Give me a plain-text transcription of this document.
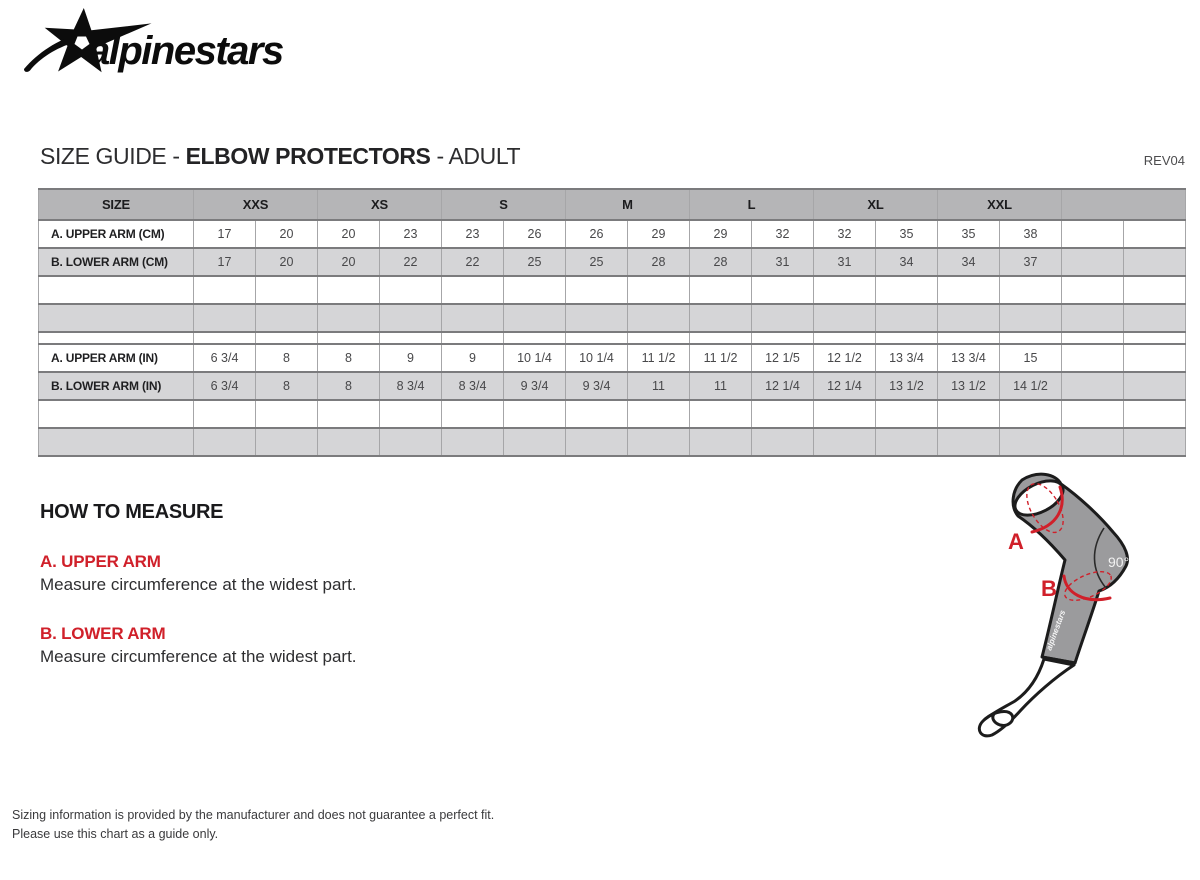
alpinestars
SIZE GUIDE - ELBOW PROTECTORS - ADULT	REV04
SIZE	XXS		XS		S		M		L		XL		XXL			
A. UPPER ARM (CM)	17	20	20	23	23	26	26	29	29	32	32	35	35	38		
B. LOWER ARM (CM)	17	20	20	22	22	25	25	28	28	31	31	34	34	37		

A. UPPER ARM (IN)	6 3/4	8	8	9	9	10 1/4	10 1/4	11 1/2	11 1/2	12 1/5	12 1/2	13 3/4	13 3/4	15		
B. LOWER ARM (IN)	6 3/4	8	8	8 3/4	8 3/4	9 3/4	9 3/4	11	11	12 1/4	12 1/4	13 1/2	13 1/2	14 1/2		

HOW TO MEASURE
A. UPPER ARM
Measure circumference at the widest part.
B. LOWER ARM
Measure circumference at the widest part.
90°
A
B
alpinestars
Sizing information is provided by the manufacturer and does not guarantee a perfect fit.
Please use this chart as a guide only.
